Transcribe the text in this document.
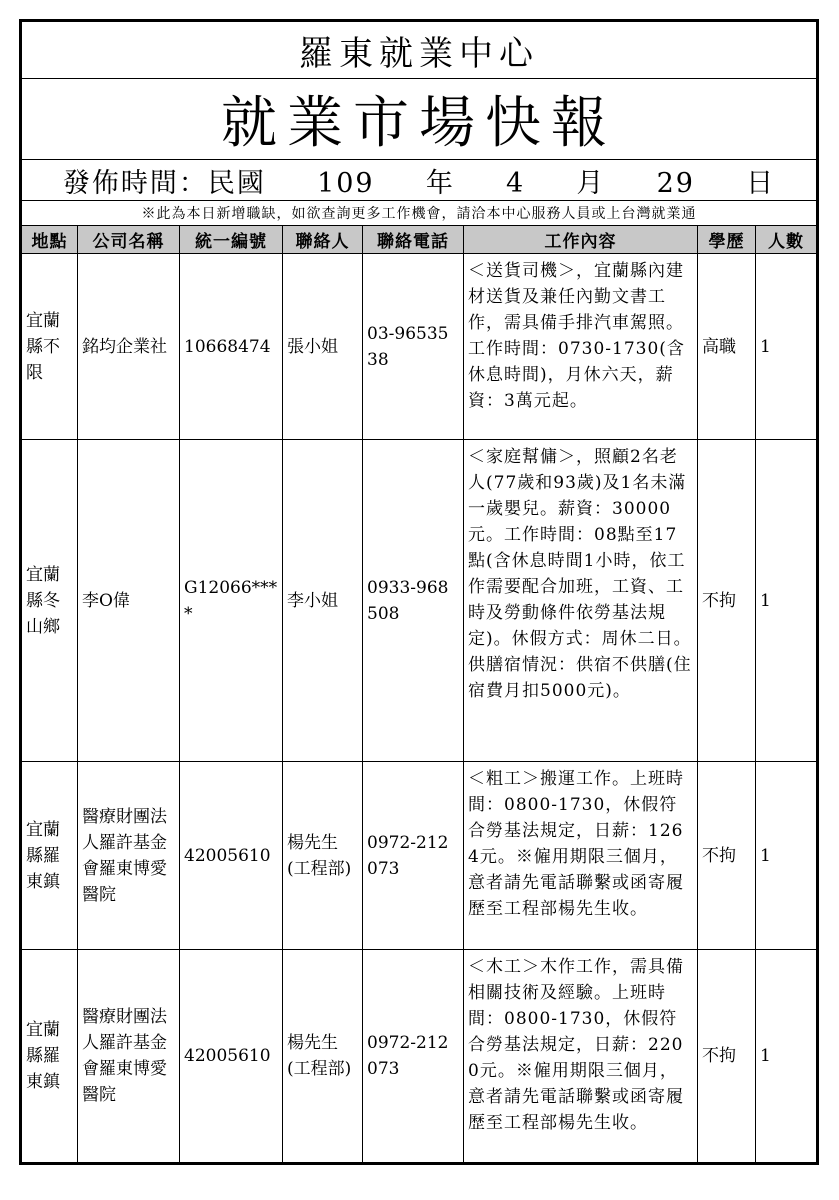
羅東就業中心							
就業市場快報							
發佈時間：民國 109 年 4 月 29 日							
※此為本日新增職缺，如欲查詢更多工作機會，請洽本中心服務人員或上台灣就業通							
地點	公司名稱	統一編號	聯絡人	聯絡電話	工作內容	學歷	人數
宜蘭縣不限	銘均企業社	10668474	張小姐	03-9653538	＜送貨司機＞，宜蘭縣內建材送貨及兼任內勤文書工作，需具備手排汽車駕照。工作時間：0730-1730(含休息時間)，月休六天，薪資：3萬元起。	高職	1
宜蘭縣冬山鄉	李O偉	G12066****	李小姐	0933-968508	＜家庭幫傭＞，照顧2名老人(77歲和93歲)及1名未滿一歲嬰兒。薪資：30000元。工作時間：08點至17點(含休息時間1小時，依工作需要配合加班，工資、工時及勞動條件依勞基法規定)。休假方式：周休二日。供膳宿情況：供宿不供膳(住宿費月扣5000元)。	不拘	1
宜蘭縣羅東鎮	醫療財團法人羅許基金會羅東博愛醫院	42005610	楊先生(工程部)	0972-212073	＜粗工＞搬運工作。上班時間：0800-1730，休假符合勞基法規定，日薪：1264元。※僱用期限三個月，意者請先電話聯繫或函寄履歷至工程部楊先生收。	不拘	1
宜蘭縣羅東鎮	醫療財團法人羅許基金會羅東博愛醫院	42005610	楊先生(工程部)	0972-212073	＜木工＞木作工作，需具備相關技術及經驗。上班時間：0800-1730，休假符合勞基法規定，日薪：2200元。※僱用期限三個月，意者請先電話聯繫或函寄履歷至工程部楊先生收。	不拘	1
